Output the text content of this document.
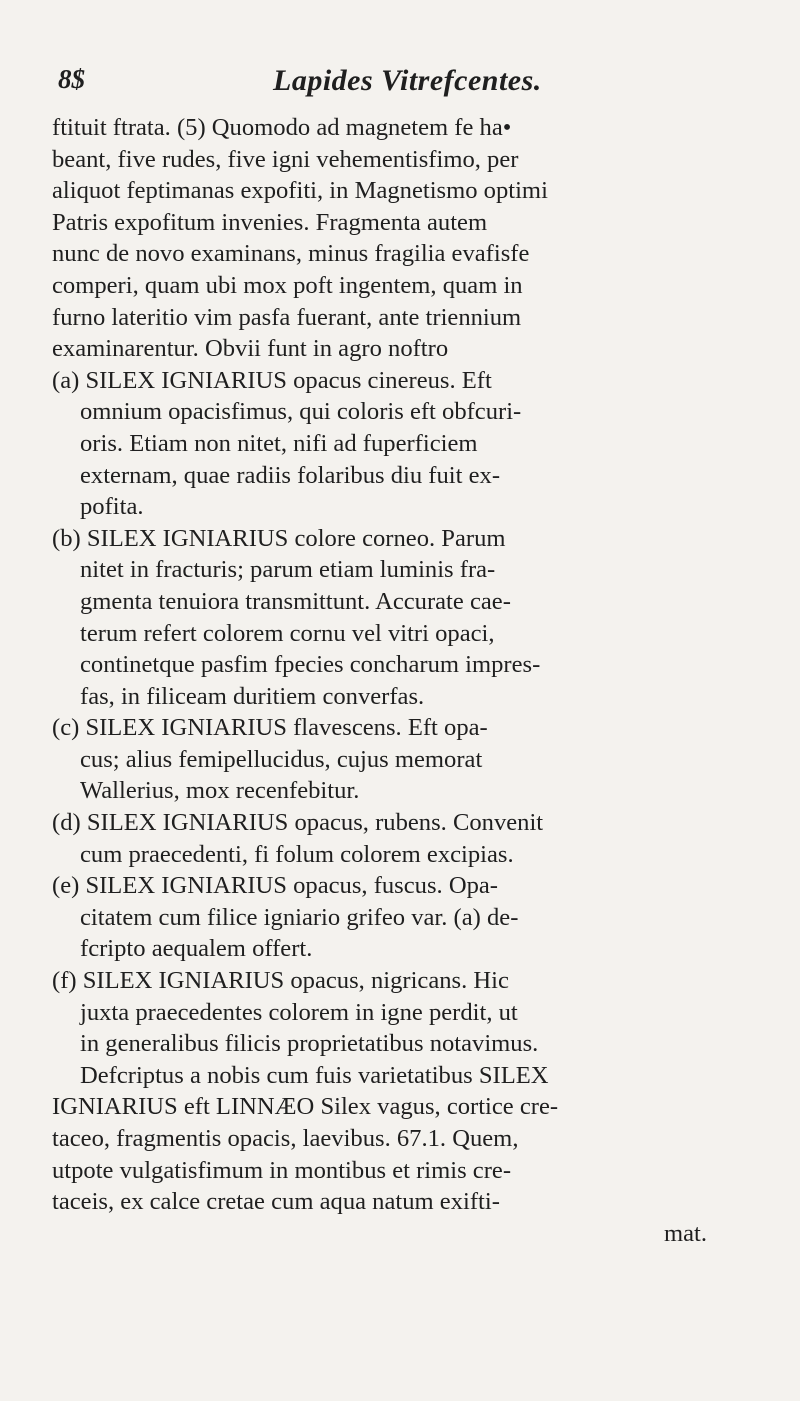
8$	Lapides Vitrefcentes.
ftituit ftrata. (5) Quomodo ad magnetem fe ha•
beant, five rudes, five igni vehementisfimo, per
aliquot feptimanas expofiti, in Magnetismo optimi
Patris expofitum invenies. Fragmenta autem
nunc de novo examinans, minus fragilia evafisfe
comperi, quam ubi mox poft ingentem, quam in
furno lateritio vim pasfa fuerant, ante triennium
examinarentur. Obvii funt in agro noftro
(a) SILEX IGNIARIUS opacus cinereus. Eft
omnium opacisfimus, qui coloris eft obfcuri-
oris. Etiam non nitet, nifi ad fuperficiem
externam, quae radiis folaribus diu fuit ex-
pofita.
(b) SILEX IGNIARIUS colore corneo. Parum
nitet in fracturis; parum etiam luminis fra-
gmenta tenuiora transmittunt. Accurate cae-
terum refert colorem cornu vel vitri opaci,
continetque pasfim fpecies concharum impres-
fas, in filiceam duritiem converfas.
(c) SILEX IGNIARIUS flavescens. Eft opa-
cus; alius femipellucidus, cujus memorat
Wallerius, mox recenfebitur.
(d) SILEX IGNIARIUS opacus, rubens. Convenit
cum praecedenti, fi folum colorem excipias.
(e) SILEX IGNIARIUS opacus, fuscus. Opa-
citatem cum filice igniario grifeo var. (a) de-
fcripto aequalem offert.
(f) SILEX IGNIARIUS opacus, nigricans. Hic
juxta praecedentes colorem in igne perdit, ut
in generalibus filicis proprietatibus notavimus.
Defcriptus a nobis cum fuis varietatibus SILEX
IGNIARIUS eft LINNÆO Silex vagus, cortice cre-
taceo, fragmentis opacis, laevibus. 67.1. Quem,
utpote vulgatisfimum in montibus et rimis cre-
taceis, ex calce cretae cum aqua natum exifti-
mat.
